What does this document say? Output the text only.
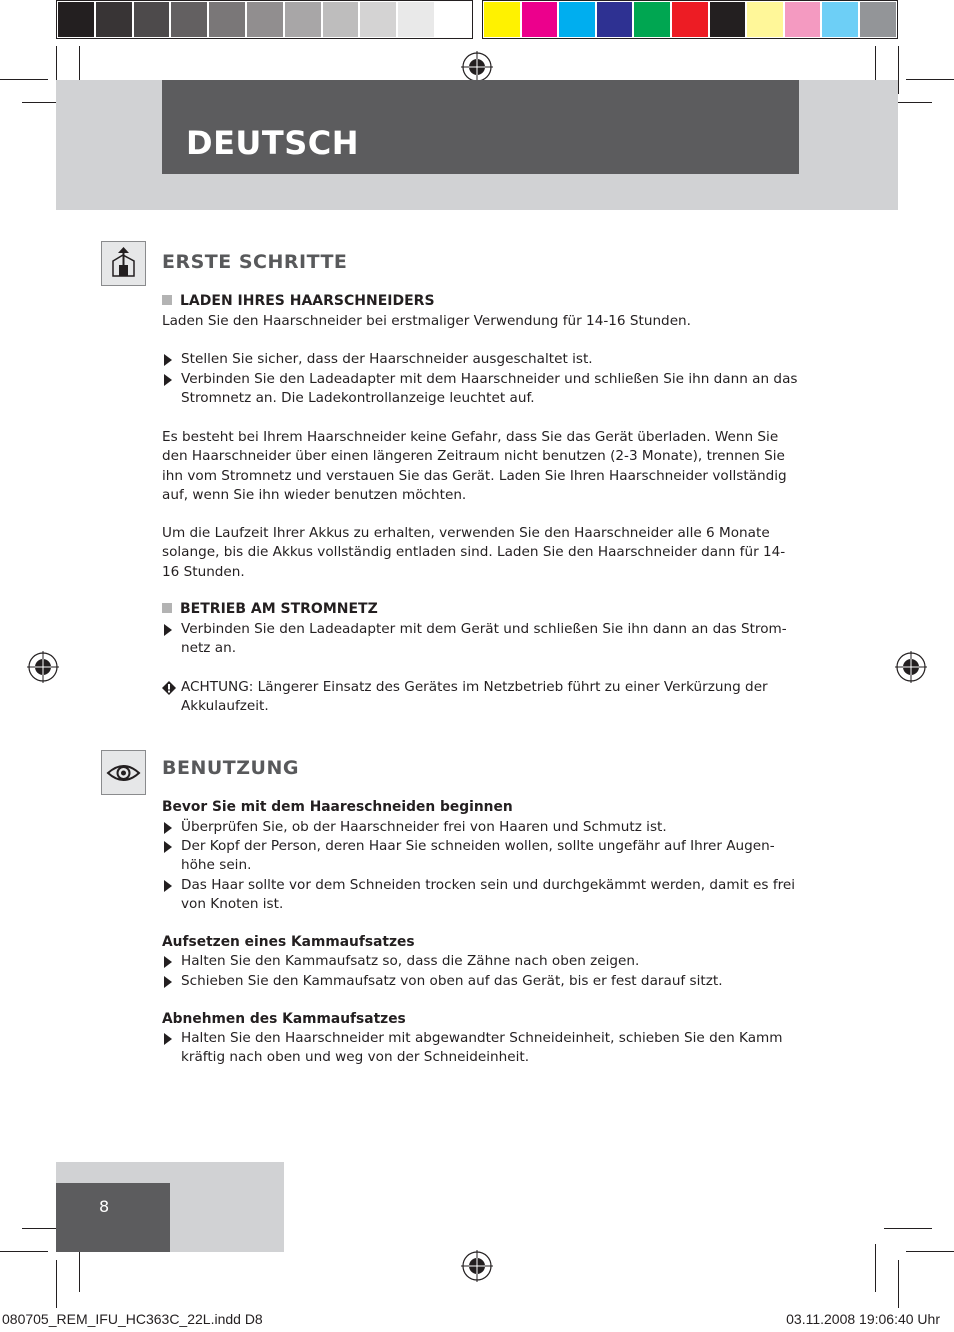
DEUTSCH
ERSTE SCHRITTE
LADEN IHRES HAARSCHNEIDERS
Laden Sie den Haarschneider bei erstmaliger Verwendung für 14-16 Stunden.
Stellen Sie sicher, dass der Haarschneider ausgeschaltet ist.
Verbinden Sie den Ladeadapter mit dem Haarschneider und schließen Sie ihn dann an das Stromnetz an. Die Ladekontrollanzeige leuchtet auf.
Es besteht bei Ihrem Haarschneider keine Gefahr, dass Sie das Gerät überladen. Wenn Sie den Haarschneider über einen längeren Zeitraum nicht benutzen (2-3 Monate), trennen Sie ihn vom Stromnetz und verstauen Sie das Gerät. Laden Sie Ihren Haarschneider vollständig auf, wenn Sie ihn wieder benutzen möchten.
Um die Laufzeit Ihrer Akkus zu erhalten, verwenden Sie den Haarschneider alle 6 Monate solange, bis die Akkus vollständig entladen sind. Laden Sie den Haarschneider dann für 14-16 Stunden.
BETRIEB AM STROMNETZ
Verbinden Sie den Ladeadapter mit dem Gerät und schließen Sie ihn dann an das Strom-netz an.
ACHTUNG: Längerer Einsatz des Gerätes im Netzbetrieb führt zu einer Verkürzung der Akkulaufzeit.
BENUTZUNG
Bevor Sie mit dem Haareschneiden beginnen
Überprüfen Sie, ob der Haarschneider frei von Haaren und Schmutz ist.
Der Kopf der Person, deren Haar Sie schneiden wollen, sollte ungefähr auf Ihrer Augen-höhe sein.
Das Haar sollte vor dem Schneiden trocken sein und durchgekämmt werden, damit es frei von Knoten ist.
Aufsetzen eines Kammaufsatzes
Halten Sie den Kammaufsatz so, dass die Zähne nach oben zeigen.
Schieben Sie den Kammaufsatz von oben auf das Gerät, bis er fest darauf sitzt.
Abnehmen des Kammaufsatzes
Halten Sie den Haarschneider mit abgewandter Schneideinheit, schieben Sie den Kamm kräftig nach oben und weg von der Schneideinheit.
8
080705_REM_IFU_HC363C_22L.indd D8	03.11.2008 19:06:40 Uhr
